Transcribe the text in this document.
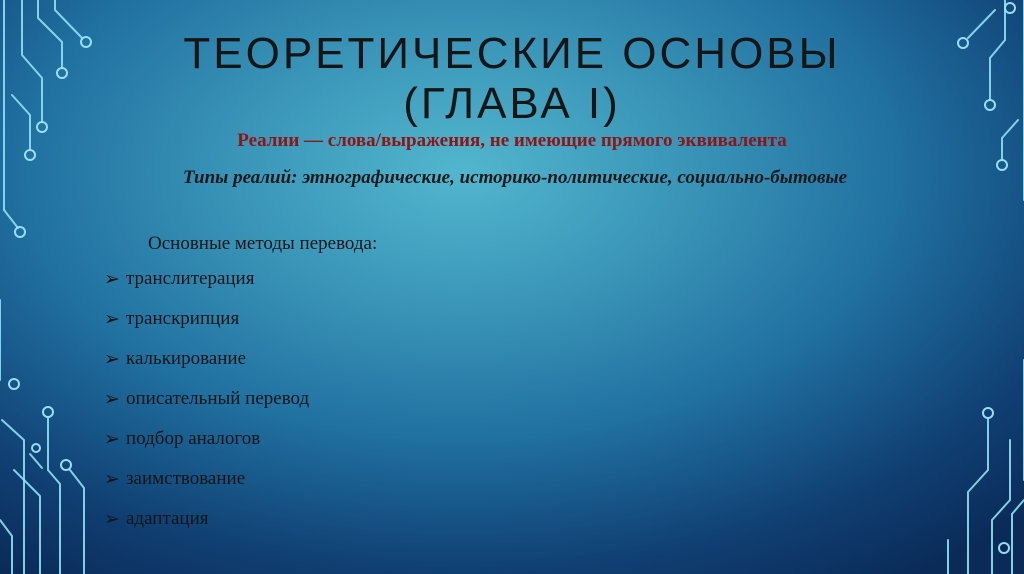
ТЕОРЕТИЧЕСКИЕ ОСНОВЫ
(ГЛАВА I)
Реалии — слова/выражения, не имеющие прямого эквивалента
Типы реалий: этнографические, историко-политические, социально-бытовые
Основные методы перевода:
➢ транслитерация
➢ транскрипция
➢ калькирование
➢ описательный перевод
➢ подбор аналогов
➢ заимствование
➢ адаптация
